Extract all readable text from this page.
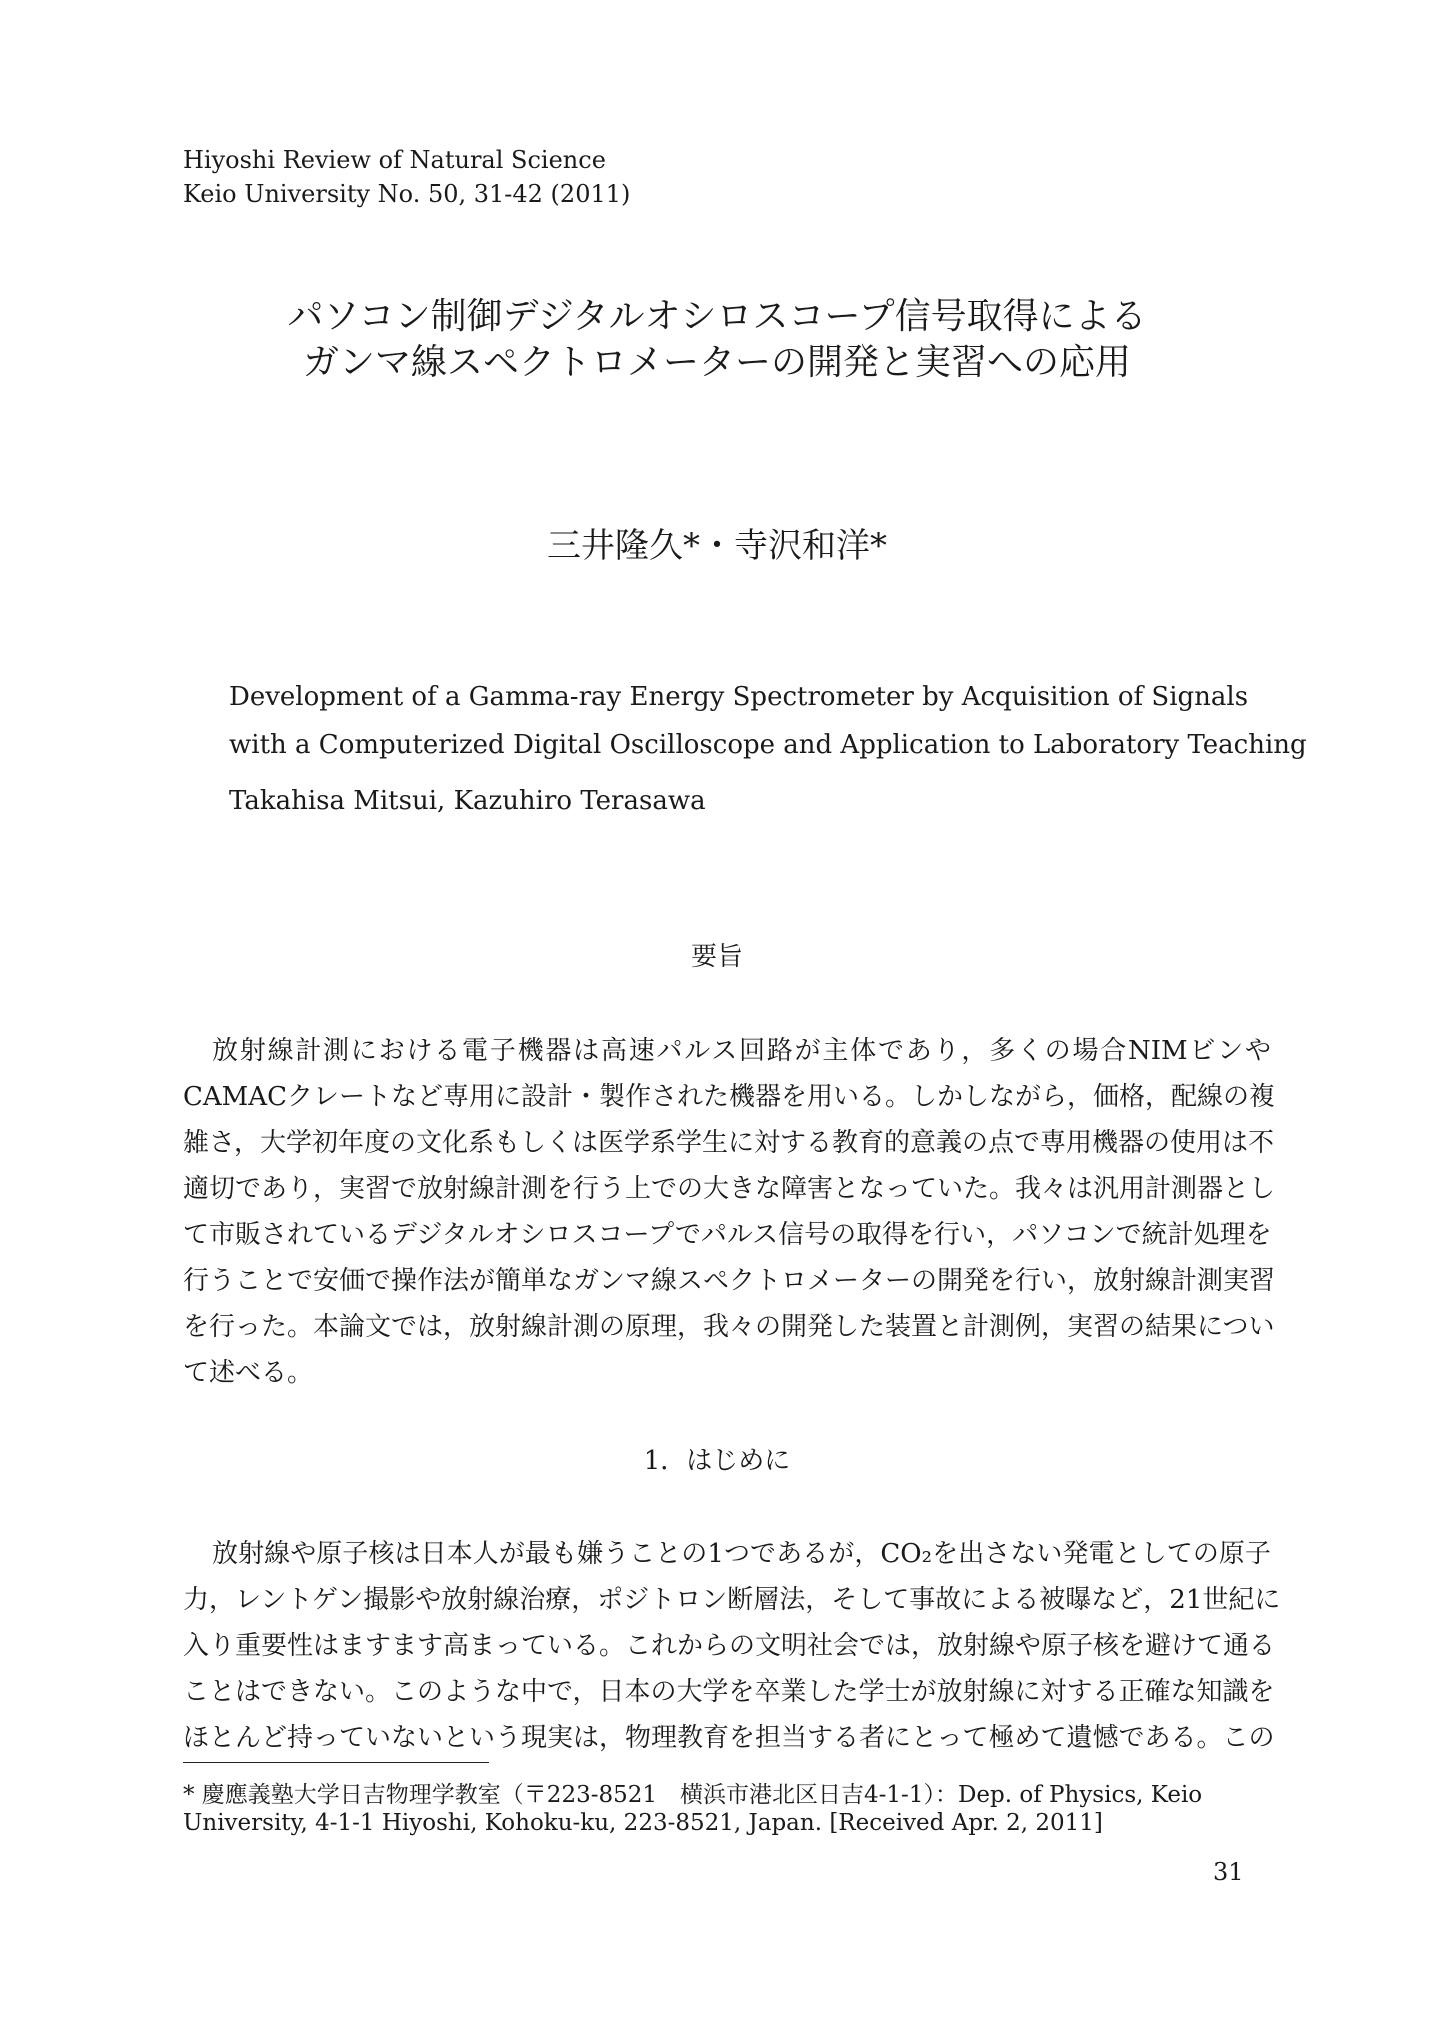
Hiyoshi Review of Natural Science
Keio University No. 50, 31-42 (2011)
パソコン制御デジタルオシロスコープ信号取得による
ガンマ線スペクトロメーターの開発と実習への応用
三井隆久*・寺沢和洋*
Development of a Gamma-ray Energy Spectrometer by Acquisition of Signals
with a Computerized Digital Oscilloscope and Application to Laboratory Teaching
Takahisa Mitsui, Kazuhiro Terasawa
要旨
放射線計測における電子機器は高速パルス回路が主体であり，多くの場合NIMビンや
CAMACクレートなど専用に設計・製作された機器を用いる。しかしながら，価格，配線の複
雑さ，大学初年度の文化系もしくは医学系学生に対する教育的意義の点で専用機器の使用は不
適切であり，実習で放射線計測を行う上での大きな障害となっていた。我々は汎用計測器とし
て市販されているデジタルオシロスコープでパルス信号の取得を行い，パソコンで統計処理を
行うことで安価で操作法が簡単なガンマ線スペクトロメーターの開発を行い，放射線計測実習
を行った。本論文では，放射線計測の原理，我々の開発した装置と計測例，実習の結果につい
て述べる。
1．はじめに
放射線や原子核は日本人が最も嫌うことの1つであるが，CO₂を出さない発電としての原子
力，レントゲン撮影や放射線治療，ポジトロン断層法，そして事故による被曝など，21世紀に
入り重要性はますます高まっている。これからの文明社会では，放射線や原子核を避けて通る
ことはできない。このような中で，日本の大学を卒業した学士が放射線に対する正確な知識を
ほとんど持っていないという現実は，物理教育を担当する者にとって極めて遺憾である。この
* 慶應義塾大学日吉物理学教室（〒223-8521　横浜市港北区日吉4-1-1）：Dep. of Physics, Keio
University, 4-1-1 Hiyoshi, Kohoku-ku, 223-8521, Japan. [Received Apr. 2, 2011]
31
